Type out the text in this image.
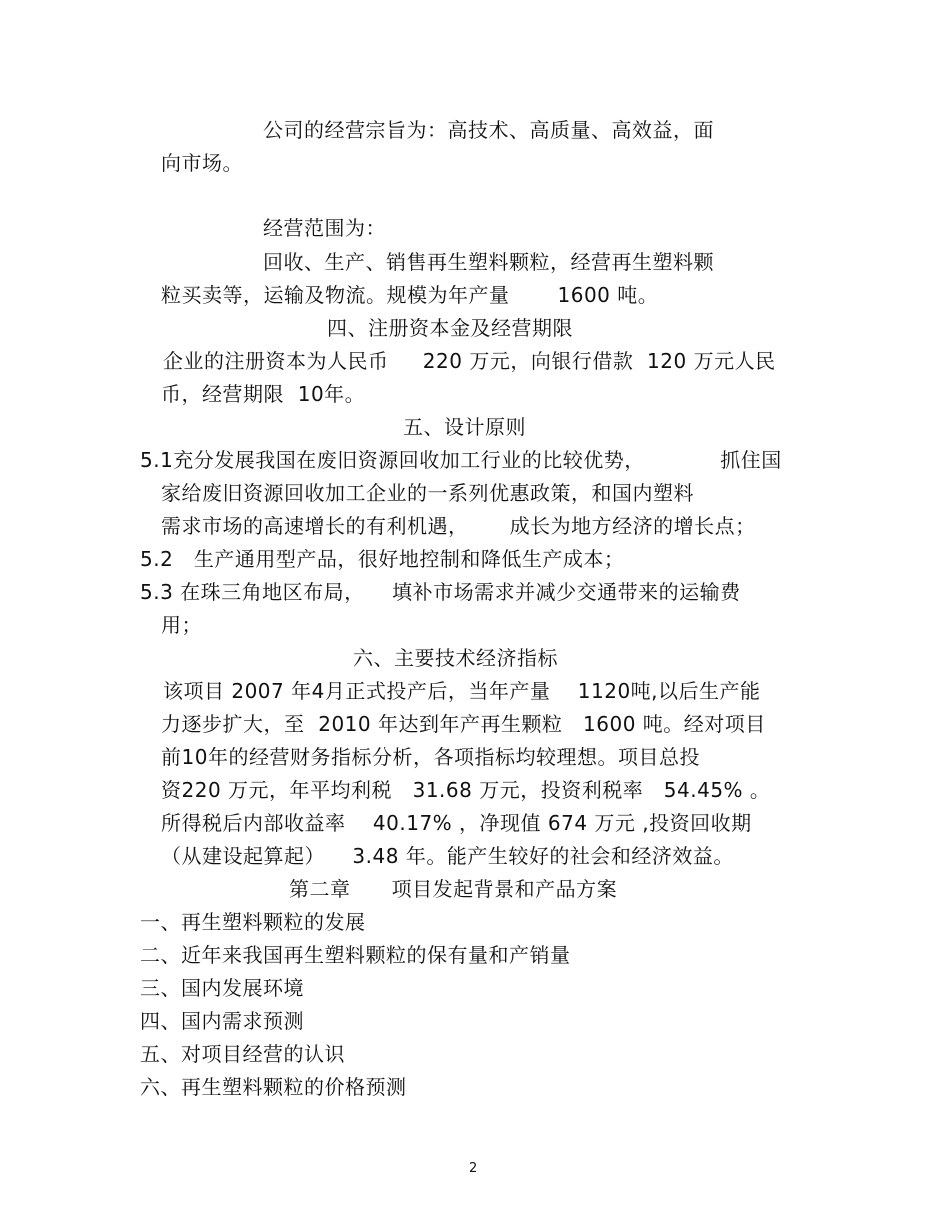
公司的经营宗旨为：高技术、高质量、高效益，面
向市场。
经营范围为：
回收、生产、销售再生塑料颗粒，经营再生塑料颗
粒买卖等，运输及物流。规模为年产量       1600 吨。
四、注册资本金及经营期限
企业的注册资本为人民币     220 万元，向银行借款  120 万元人民
币，经营期限  10年。
五、设计原则
5.1充分发展我国在废旧资源回收加工行业的比较优势，           抓住国
家给废旧资源回收加工企业的一系列优惠政策，和国内塑料
需求市场的高速增长的有利机遇，      成长为地方经济的增长点；
5.2   生产通用型产品，很好地控制和降低生产成本；
5.3 在珠三角地区布局，    填补市场需求并减少交通带来的运输费
用；
六、主要技术经济指标
该项目 2007 年4月正式投产后，当年产量    1120吨,以后生产能
力逐步扩大，至  2010 年达到年产再生颗粒   1600 吨。经对项目
前10年的经营财务指标分析，各项指标均较理想。项目总投
资220 万元，年平均利税   31.68 万元，投资利税率   54.45% 。
所得税后内部收益率    40.17% ，净现值 674 万元 ,投资回收期
（从建设起算起）    3.48 年。能产生较好的社会和经济效益。
第二章      项目发起背景和产品方案
一、再生塑料颗粒的发展
二、近年来我国再生塑料颗粒的保有量和产销量
三、国内发展环境
四、国内需求预测
五、对项目经营的认识
六、再生塑料颗粒的价格预测
2
